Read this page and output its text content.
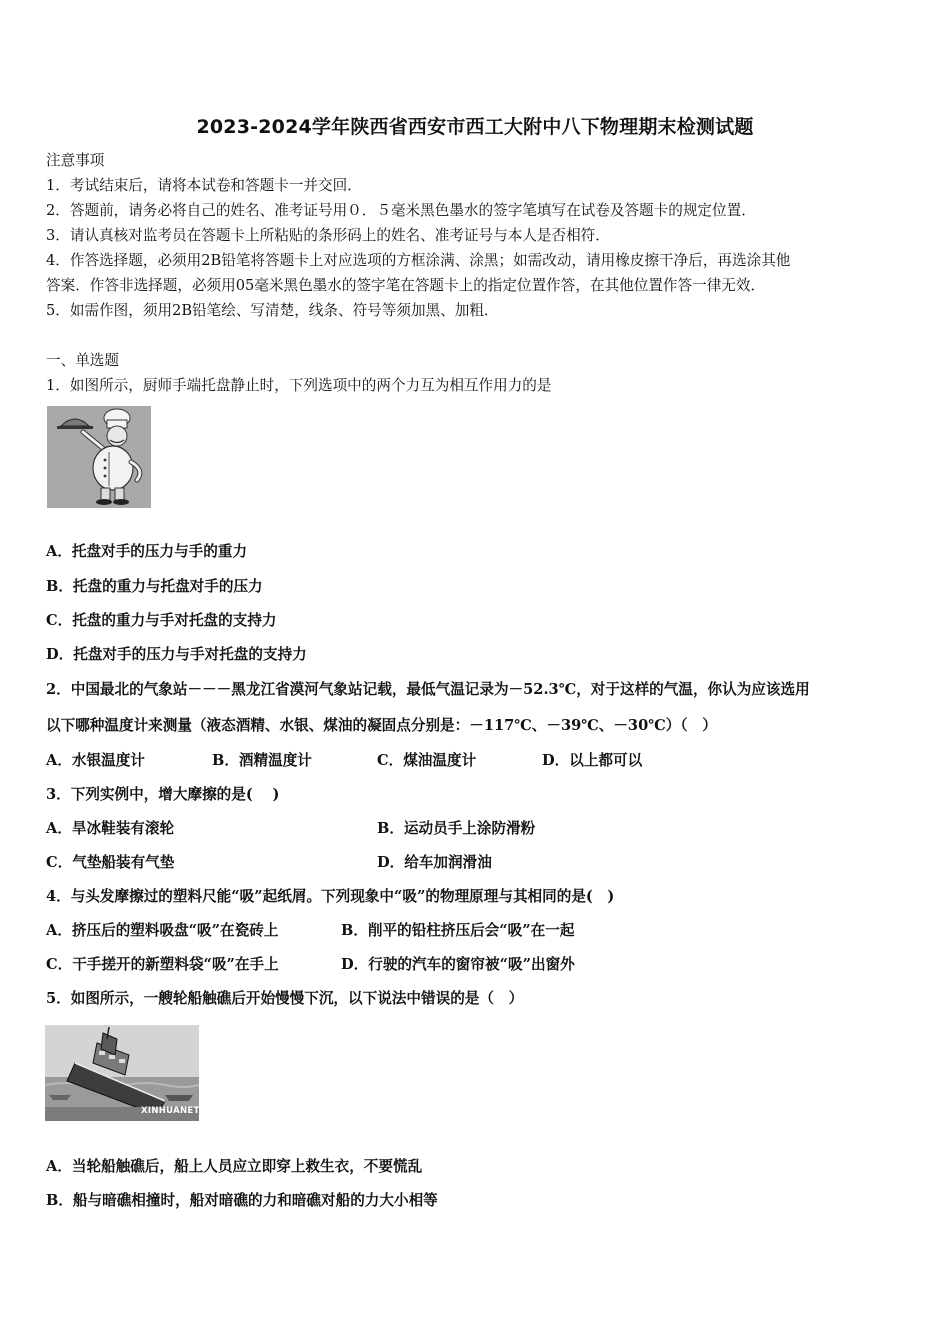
2023-2024学年陕西省西安市西工大附中八下物理期末检测试题
注意事项
1．考试结束后，请将本试卷和答题卡一并交回．
2．答题前，请务必将自己的姓名、准考证号用０．５毫米黑色墨水的签字笔填写在试卷及答题卡的规定位置．
3．请认真核对监考员在答题卡上所粘贴的条形码上的姓名、准考证号与本人是否相符．
4．作答选择题，必须用2B铅笔将答题卡上对应选项的方框涂满、涂黑；如需改动，请用橡皮擦干净后，再选涂其他
答案．作答非选择题，必须用05毫米黑色墨水的签字笔在答题卡上的指定位置作答，在其他位置作答一律无效．
5．如需作图，须用2B铅笔绘、写清楚，线条、符号等须加黑、加粗．
一、单选题
1．如图所示，厨师手端托盘静止时，下列选项中的两个力互为相互作用力的是
A．托盘对手的压力与手的重力
B．托盘的重力与托盘对手的压力
C．托盘的重力与手对托盘的支持力
D．托盘对手的压力与手对托盘的支持力
2．中国最北的气象站－－－黑龙江省漠河气象站记载，最低气温记录为－52.3℃，对于这样的气温，你认为应该选用
以下哪种温度计来测量（液态酒精、水银、煤油的凝固点分别是：－117℃、－39℃、－30℃）（　）
A．水银温度计	B．酒精温度计	C．煤油温度计	D．以上都可以
3．下列实例中，增大摩擦的是(　 )
A．旱冰鞋装有滚轮	B．运动员手上涂防滑粉
C．气垫船装有气垫	D．给车加润滑油
4．与头发摩擦过的塑料尺能“吸”起纸屑。下列现象中“吸”的物理原理与其相同的是(　)
A．挤压后的塑料吸盘“吸”在瓷砖上	B．削平的铅柱挤压后会“吸”在一起
C．干手搓开的新塑料袋“吸”在手上	D．行驶的汽车的窗帘被“吸”出窗外
5．如图所示，一艘轮船触礁后开始慢慢下沉，以下说法中错误的是（　）
XINHUANET
A．当轮船触礁后，船上人员应立即穿上救生衣，不要慌乱
B．船与暗礁相撞时，船对暗礁的力和暗礁对船的力大小相等
